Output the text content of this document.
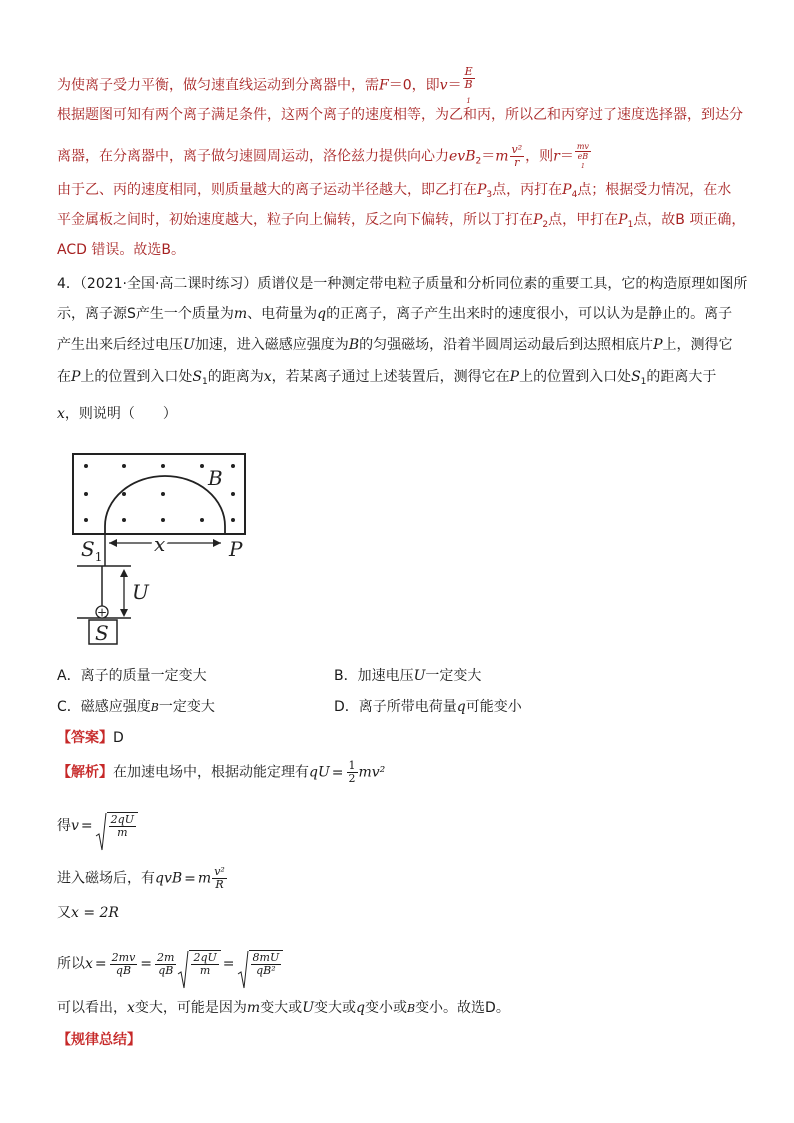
为使离子受力平衡，做匀速直线运动到分离器中，需F＝0，即v＝ E
B
$_1$
根据题图可知有两个离子满足条件，这两个离子的速度相等，为乙和丙，所以乙和丙穿过了速度选择器，到达分
离器，在分离器中，离子做匀速圆周运动，洛伦兹力提供向心力$evB_2=m \frac{\text{v²}}{r}$ ，则r＝ mv
eB
1
由于乙、丙的速度相同，则质量越大的离子运动半径越大，即乙打在$P_3$点，丙打在$P_4$点；根据受力情况，在水
平金属板之间时，初始速度越大，粒子向上偏转，反之向下偏转，所以丁打在$P_2$点，甲打在$P_1$点，故B 项正确，
ACD 错误。故选B。
4．（2021·全国·高二课时练习）质谱仪是一种测定带电粒子质量和分析同位素的重要工具，它的构造原理如图所
示，离子源S产生一个质量为m、电荷量为q的正离子，离子产生出来时的速度很小，可以认为是静止的。离子
产生出来后经过电压U加速，进入磁感应强度为B的匀强磁场，沿着半圆周运动最后到达照相底片P上，测得它
在P上的位置到入口处$S_1$的距离为x，若某离子通过上述装置后，测得它在P上的位置到入口处$S_1$的距离大于
x，则说明（　　）
+
B
$S_1$
x	P
U
S
A．离子的质量一定变大	B．加速电压U一定变大
C．磁感应强度B一定变大	D．离子所带电荷量q可能变小
【答案】D
【解析】在加速电场中，根据动能定理有qU = $\frac{1}{2} mv^2$
得$v = \frac{2qU}{m}$
进入磁场后，有qvB = m $\frac{\text{v²}}{R}$
又x = 2R
所以$x = \frac{2mv}{qB} = \frac{2m}{qB} \frac{2qU}{m} = \frac{8mU}{\text{qB²}}$
可以看出，x变大，可能是因为m变大或U变大或q变小或B变小。故选D。
【规律总结】
